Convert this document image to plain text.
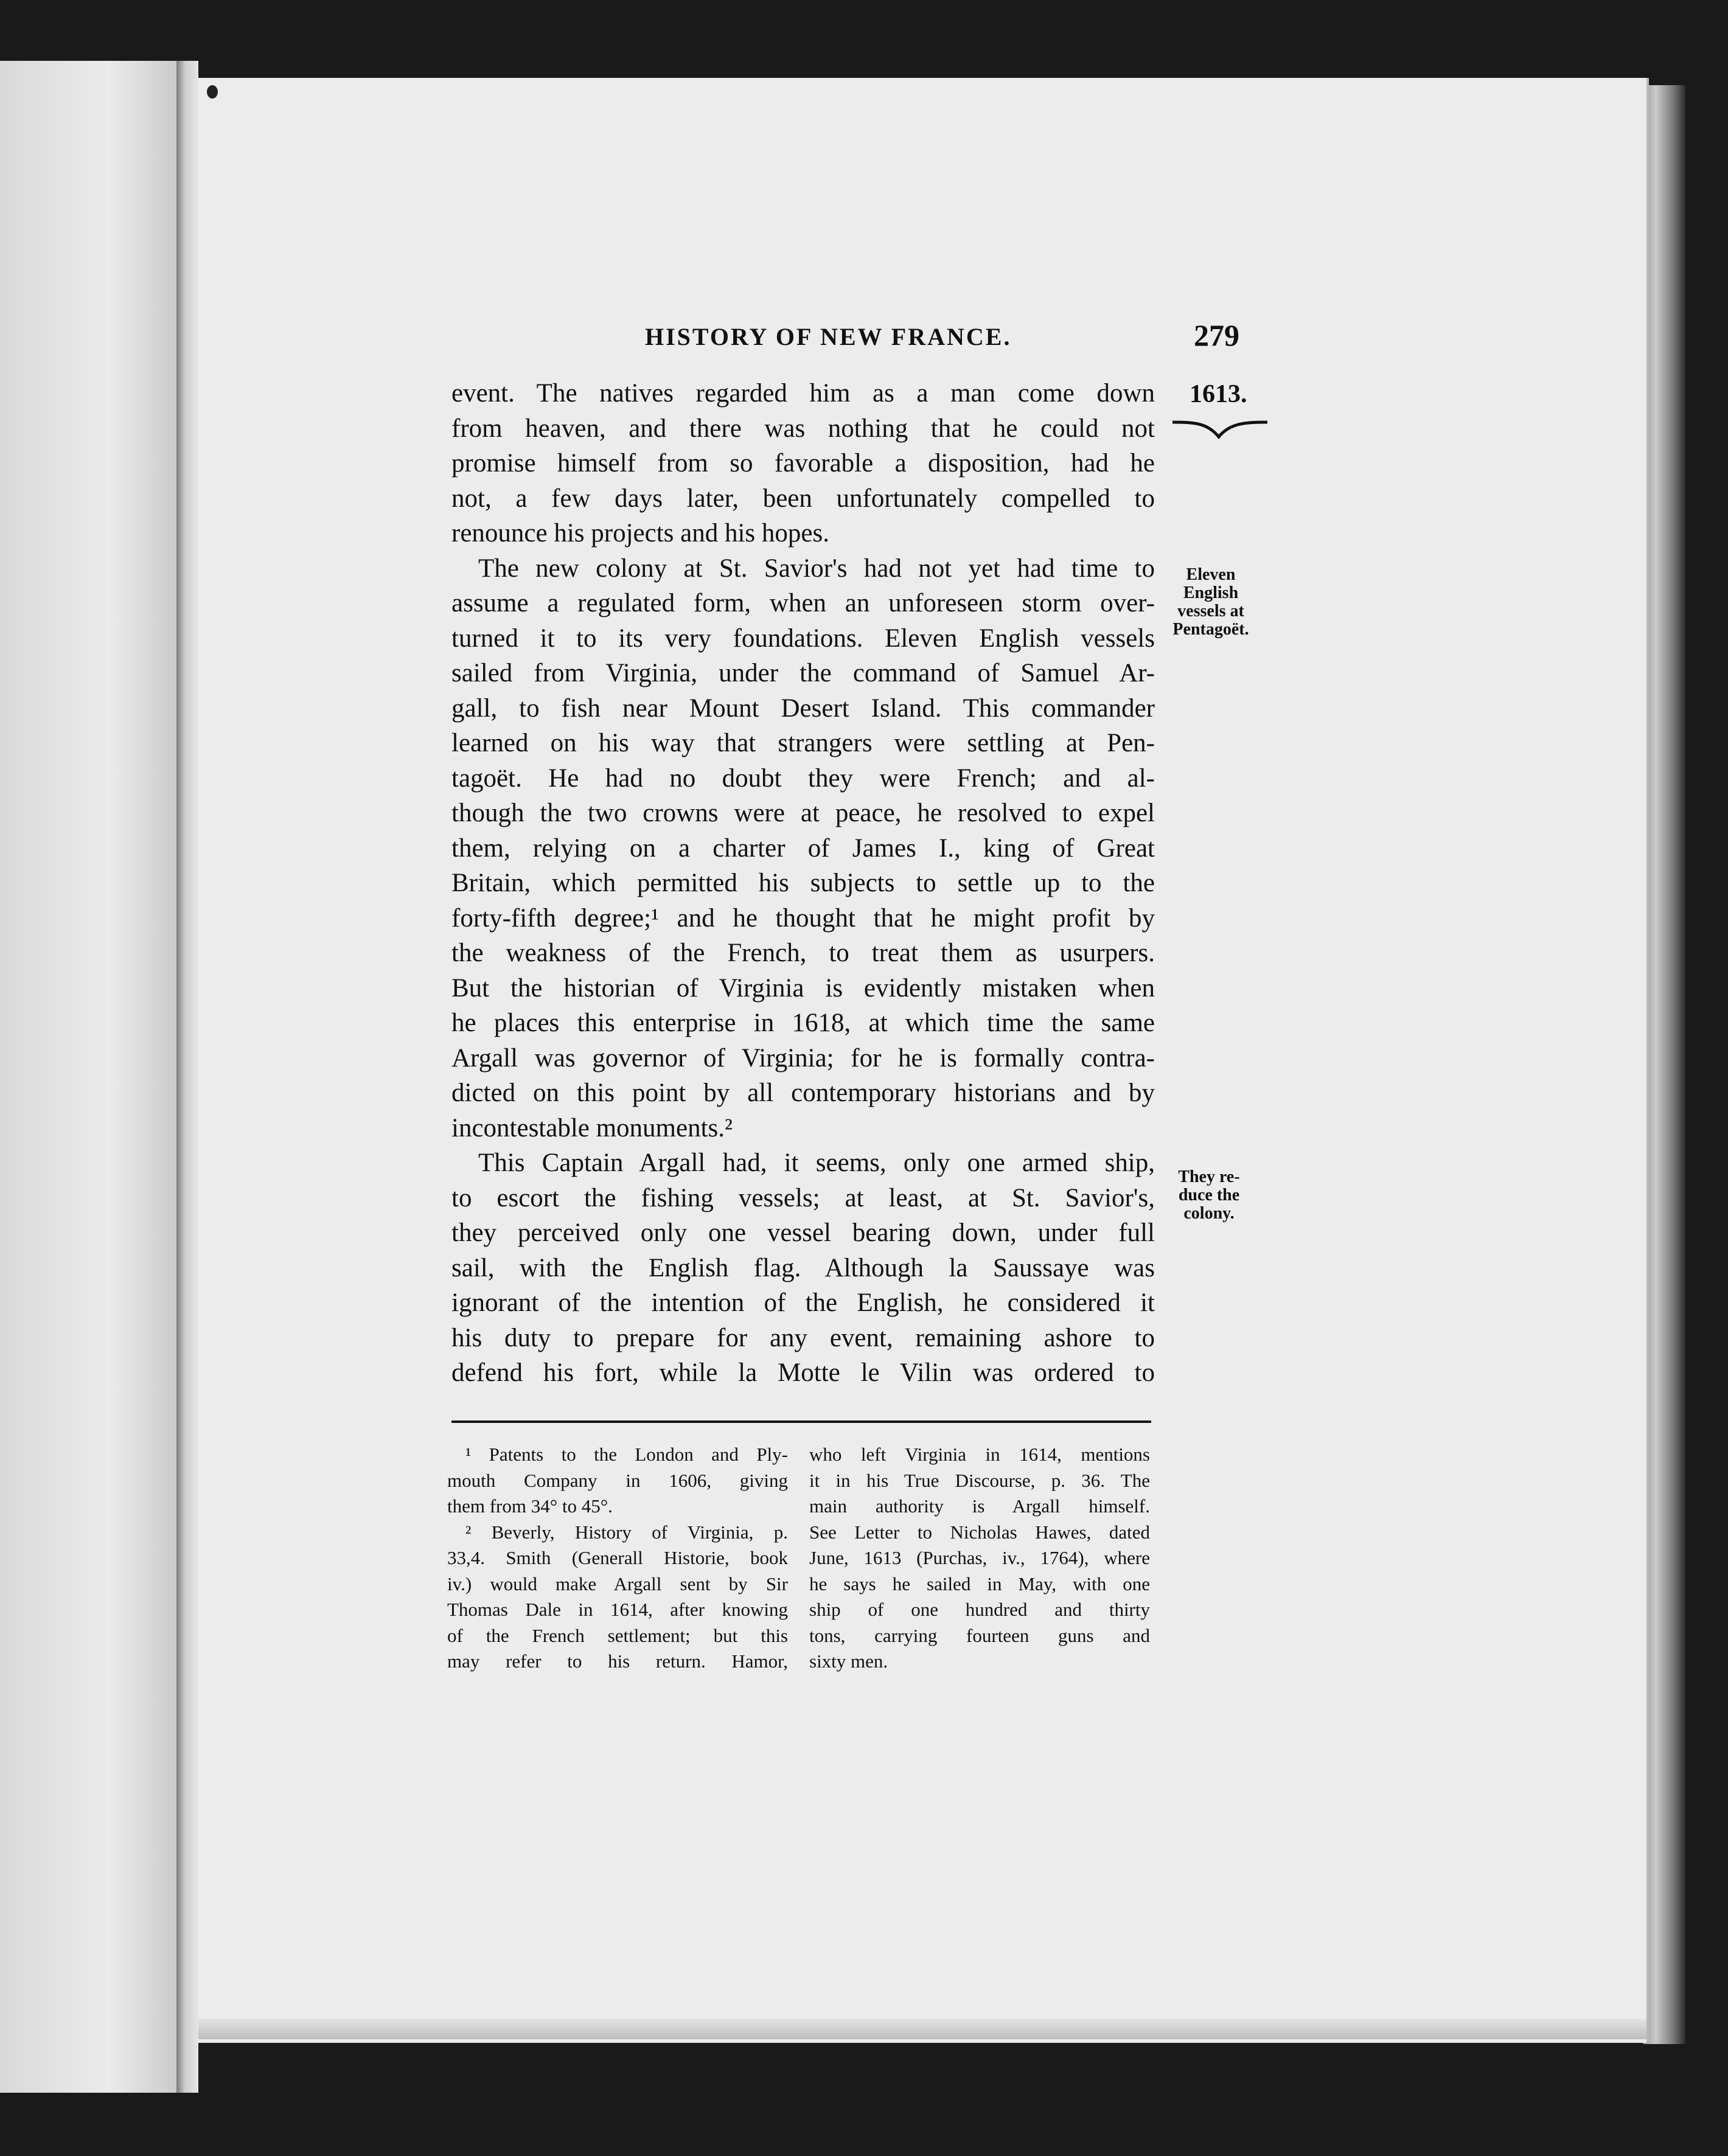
HISTORY OF NEW FRANCE.	279
1613.
Eleven
English
vessels at
Pentagoët.
They re-
duce the
colony.
event. The natives regarded him as a man come down
from heaven, and there was nothing that he could not
promise himself from so favorable a disposition, had he
not, a few days later, been unfortunately compelled to
renounce his projects and his hopes.
The new colony at St. Savior's had not yet had time to
assume a regulated form, when an unforeseen storm over-
turned it to its very foundations. Eleven English vessels
sailed from Virginia, under the command of Samuel Ar-
gall, to fish near Mount Desert Island. This commander
learned on his way that strangers were settling at Pen-
tagoët. He had no doubt they were French; and al-
though the two crowns were at peace, he resolved to expel
them, relying on a charter of James I., king of Great
Britain, which permitted his subjects to settle up to the
forty-fifth degree;¹ and he thought that he might profit by
the weakness of the French, to treat them as usurpers.
But the historian of Virginia is evidently mistaken when
he places this enterprise in 1618, at which time the same
Argall was governor of Virginia; for he is formally contra-
dicted on this point by all contemporary historians and by
incontestable monuments.²
This Captain Argall had, it seems, only one armed ship,
to escort the fishing vessels; at least, at St. Savior's,
they perceived only one vessel bearing down, under full
sail, with the English flag. Although la Saussaye was
ignorant of the intention of the English, he considered it
his duty to prepare for any event, remaining ashore to
defend his fort, while la Motte le Vilin was ordered to
¹ Patents to the London and Ply-
mouth Company in 1606, giving
them from 34° to 45°.
² Beverly, History of Virginia, p.
33,4. Smith (Generall Historie, book
iv.) would make Argall sent by Sir
Thomas Dale in 1614, after knowing
of the French settlement; but this
may refer to his return. Hamor,
who left Virginia in 1614, mentions
it in his True Discourse, p. 36. The
main authority is Argall himself.
See Letter to Nicholas Hawes, dated
June, 1613 (Purchas, iv., 1764), where
he says he sailed in May, with one
ship of one hundred and thirty
tons, carrying fourteen guns and
sixty men.
